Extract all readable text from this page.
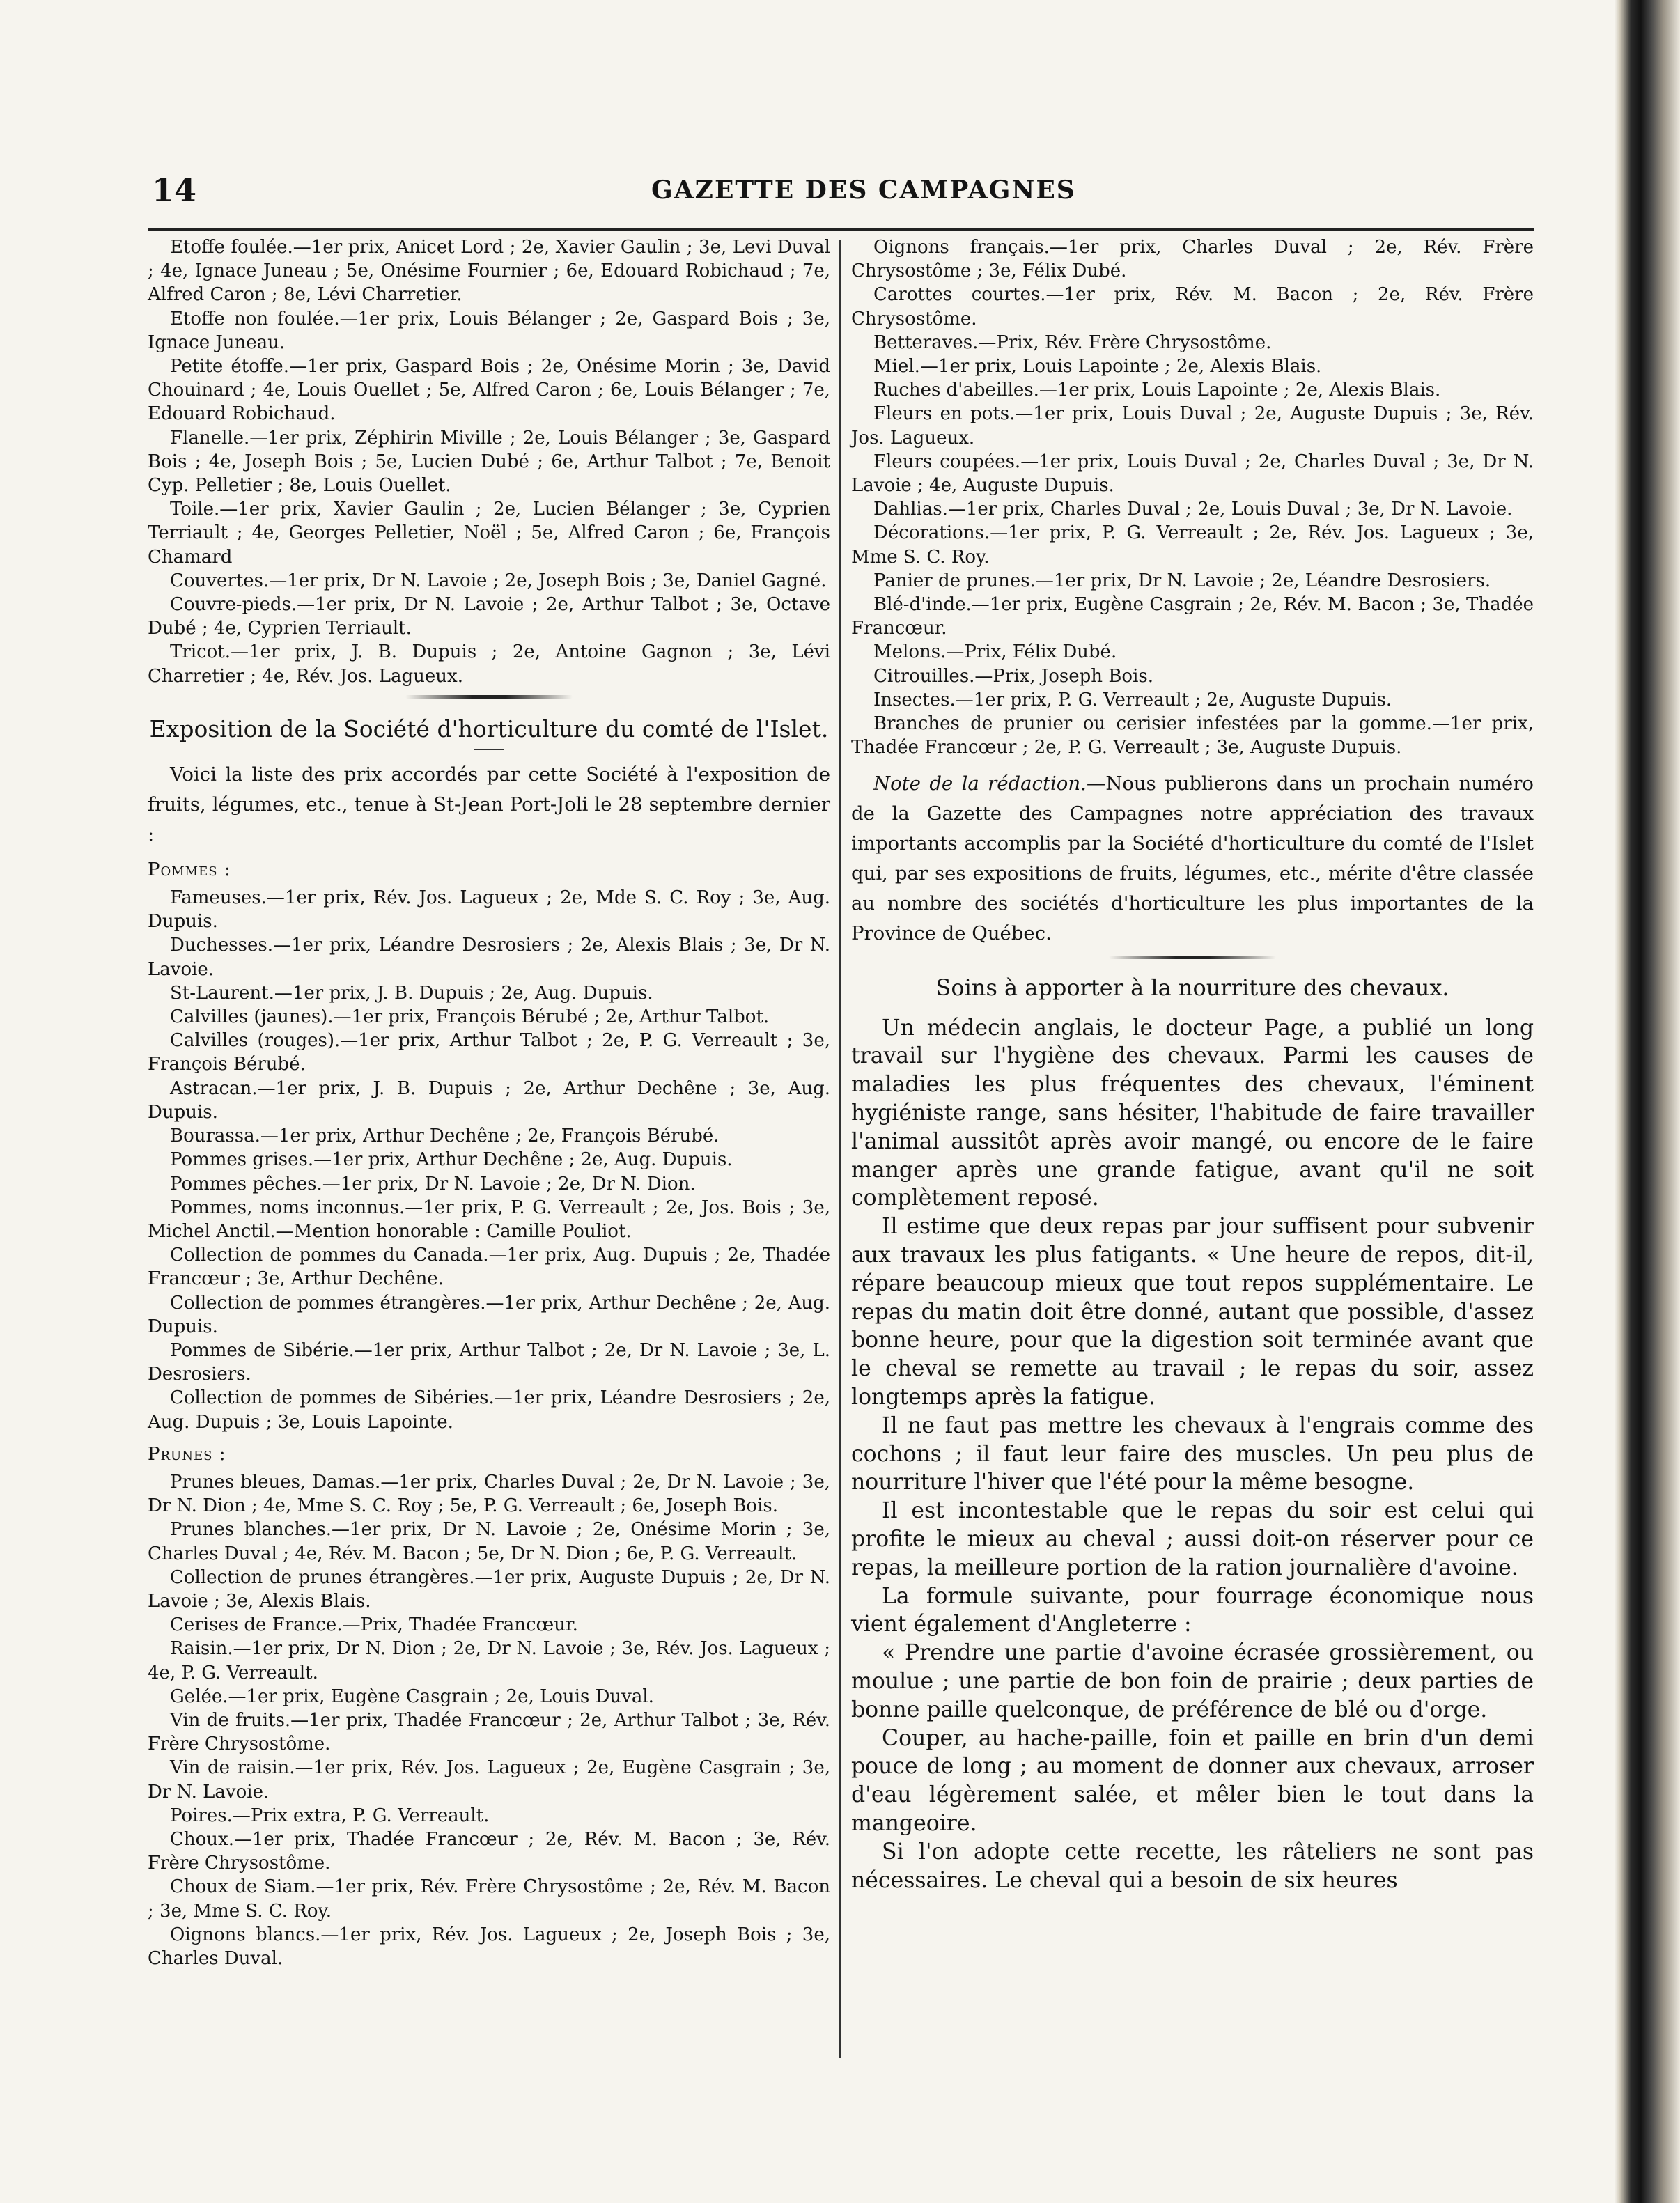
14	GAZETTE DES CAMPAGNES

Etoffe foulée.—1er prix, Anicet Lord ; 2e, Xavier Gaulin ; 3e, Levi Duval ; 4e, Ignace Juneau ; 5e, Onésime Fournier ; 6e, Edouard Robichaud ; 7e, Alfred Caron ; 8e, Lévi Charretier.

Etoffe non foulée.—1er prix, Louis Bélanger ; 2e, Gaspard Bois ; 3e, Ignace Juneau.

Petite étoffe.—1er prix, Gaspard Bois ; 2e, Onésime Morin ; 3e, David Chouinard ; 4e, Louis Ouellet ; 5e, Alfred Caron ; 6e, Louis Bélanger ; 7e, Edouard Robichaud.

Flanelle.—1er prix, Zéphirin Miville ; 2e, Louis Bélanger ; 3e, Gaspard Bois ; 4e, Joseph Bois ; 5e, Lucien Dubé ; 6e, Arthur Talbot ; 7e, Benoit Cyp. Pelletier ; 8e, Louis Ouellet.

Toile.—1er prix, Xavier Gaulin ; 2e, Lucien Bélanger ; 3e, Cyprien Terriault ; 4e, Georges Pelletier, Noël ; 5e, Alfred Caron ; 6e, François Chamard

Couvertes.—1er prix, Dr N. Lavoie ; 2e, Joseph Bois ; 3e, Daniel Gagné.

Couvre-pieds.—1er prix, Dr N. Lavoie ; 2e, Arthur Talbot ; 3e, Octave Dubé ; 4e, Cyprien Terriault.

Tricot.—1er prix, J. B. Dupuis ; 2e, Antoine Gagnon ; 3e, Lévi Charretier ; 4e, Rév. Jos. Lagueux.

Exposition de la Société d'horticulture du comté de l'Islet.

Voici la liste des prix accordés par cette Société à l'exposition de fruits, légumes, etc., tenue à St-Jean Port-Joli le 28 septembre dernier :

Pommes :

Fameuses.—1er prix, Rév. Jos. Lagueux ; 2e, Mde S. C. Roy ; 3e, Aug. Dupuis.

Duchesses.—1er prix, Léandre Desrosiers ; 2e, Alexis Blais ; 3e, Dr N. Lavoie.

St-Laurent.—1er prix, J. B. Dupuis ; 2e, Aug. Dupuis.

Calvilles (jaunes).—1er prix, François Bérubé ; 2e, Arthur Talbot.

Calvilles (rouges).—1er prix, Arthur Talbot ; 2e, P. G. Verreault ; 3e, François Bérubé.

Astracan.—1er prix, J. B. Dupuis ; 2e, Arthur Dechêne ; 3e, Aug. Dupuis.

Bourassa.—1er prix, Arthur Dechêne ; 2e, François Bérubé.

Pommes grises.—1er prix, Arthur Dechêne ; 2e, Aug. Dupuis.

Pommes pêches.—1er prix, Dr N. Lavoie ; 2e, Dr N. Dion.

Pommes, noms inconnus.—1er prix, P. G. Verreault ; 2e, Jos. Bois ; 3e, Michel Anctil.—Mention honorable : Camille Pouliot.

Collection de pommes du Canada.—1er prix, Aug. Dupuis ; 2e, Thadée Francœur ; 3e, Arthur Dechêne.

Collection de pommes étrangères.—1er prix, Arthur Dechêne ; 2e, Aug. Dupuis.

Pommes de Sibérie.—1er prix, Arthur Talbot ; 2e, Dr N. Lavoie ; 3e, L. Desrosiers.

Collection de pommes de Sibéries.—1er prix, Léandre Desrosiers ; 2e, Aug. Dupuis ; 3e, Louis Lapointe.

Prunes :

Prunes bleues, Damas.—1er prix, Charles Duval ; 2e, Dr N. Lavoie ; 3e, Dr N. Dion ; 4e, Mme S. C. Roy ; 5e, P. G. Verreault ; 6e, Joseph Bois.

Prunes blanches.—1er prix, Dr N. Lavoie ; 2e, Onésime Morin ; 3e, Charles Duval ; 4e, Rév. M. Bacon ; 5e, Dr N. Dion ; 6e, P. G. Verreault.

Collection de prunes étrangères.—1er prix, Auguste Dupuis ; 2e, Dr N. Lavoie ; 3e, Alexis Blais.

Cerises de France.—Prix, Thadée Francœur.

Raisin.—1er prix, Dr N. Dion ; 2e, Dr N. Lavoie ; 3e, Rév. Jos. Lagueux ; 4e, P. G. Verreault.

Gelée.—1er prix, Eugène Casgrain ; 2e, Louis Duval.

Vin de fruits.—1er prix, Thadée Francœur ; 2e, Arthur Talbot ; 3e, Rév. Frère Chrysostôme.

Vin de raisin.—1er prix, Rév. Jos. Lagueux ; 2e, Eugène Casgrain ; 3e, Dr N. Lavoie.

Poires.—Prix extra, P. G. Verreault.

Choux.—1er prix, Thadée Francœur ; 2e, Rév. M. Bacon ; 3e, Rév. Frère Chrysostôme.

Choux de Siam.—1er prix, Rév. Frère Chrysostôme ; 2e, Rév. M. Bacon ; 3e, Mme S. C. Roy.

Oignons blancs.—1er prix, Rév. Jos. Lagueux ; 2e, Joseph Bois ; 3e, Charles Duval.

Oignons français.—1er prix, Charles Duval ; 2e, Rév. Frère Chrysostôme ; 3e, Félix Dubé.

Carottes courtes.—1er prix, Rév. M. Bacon ; 2e, Rév. Frère Chrysostôme.

Betteraves.—Prix, Rév. Frère Chrysostôme.

Miel.—1er prix, Louis Lapointe ; 2e, Alexis Blais.

Ruches d'abeilles.—1er prix, Louis Lapointe ; 2e, Alexis Blais.

Fleurs en pots.—1er prix, Louis Duval ; 2e, Auguste Dupuis ; 3e, Rév. Jos. Lagueux.

Fleurs coupées.—1er prix, Louis Duval ; 2e, Charles Duval ; 3e, Dr N. Lavoie ; 4e, Auguste Dupuis.

Dahlias.—1er prix, Charles Duval ; 2e, Louis Duval ; 3e, Dr N. Lavoie.

Décorations.—1er prix, P. G. Verreault ; 2e, Rév. Jos. Lagueux ; 3e, Mme S. C. Roy.

Panier de prunes.—1er prix, Dr N. Lavoie ; 2e, Léandre Desrosiers.

Blé-d'inde.—1er prix, Eugène Casgrain ; 2e, Rév. M. Bacon ; 3e, Thadée Francœur.

Melons.—Prix, Félix Dubé.

Citrouilles.—Prix, Joseph Bois.

Insectes.—1er prix, P. G. Verreault ; 2e, Auguste Dupuis.

Branches de prunier ou cerisier infestées par la gomme.—1er prix, Thadée Francœur ; 2e, P. G. Verreault ; 3e, Auguste Dupuis.

Note de la rédaction.—Nous publierons dans un prochain numéro de la Gazette des Campagnes notre appréciation des travaux importants accomplis par la Société d'horticulture du comté de l'Islet qui, par ses expositions de fruits, légumes, etc., mérite d'être classée au nombre des sociétés d'horticulture les plus importantes de la Province de Québec.

Soins à apporter à la nourriture des chevaux.

Un médecin anglais, le docteur Page, a publié un long travail sur l'hygiène des chevaux. Parmi les causes de maladies les plus fréquentes des chevaux, l'éminent hygiéniste range, sans hésiter, l'habitude de faire travailler l'animal aussitôt après avoir mangé, ou encore de le faire manger après une grande fatigue, avant qu'il ne soit complètement reposé.

Il estime que deux repas par jour suffisent pour subvenir aux travaux les plus fatigants. « Une heure de repos, dit-il, répare beaucoup mieux que tout repos supplémentaire. Le repas du matin doit être donné, autant que possible, d'assez bonne heure, pour que la digestion soit terminée avant que le cheval se remette au travail ; le repas du soir, assez longtemps après la fatigue.

Il ne faut pas mettre les chevaux à l'engrais comme des cochons ; il faut leur faire des muscles. Un peu plus de nourriture l'hiver que l'été pour la même besogne.

Il est incontestable que le repas du soir est celui qui profite le mieux au cheval ; aussi doit-on réserver pour ce repas, la meilleure portion de la ration journalière d'avoine.

La formule suivante, pour fourrage économique nous vient également d'Angleterre :

« Prendre une partie d'avoine écrasée grossièrement, ou moulue ; une partie de bon foin de prairie ; deux parties de bonne paille quelconque, de préférence de blé ou d'orge.

Couper, au hache-paille, foin et paille en brin d'un demi pouce de long ; au moment de donner aux chevaux, arroser d'eau légèrement salée, et mêler bien le tout dans la mangeoire.

Si l'on adopte cette recette, les râteliers ne sont pas nécessaires. Le cheval qui a besoin de six heures
